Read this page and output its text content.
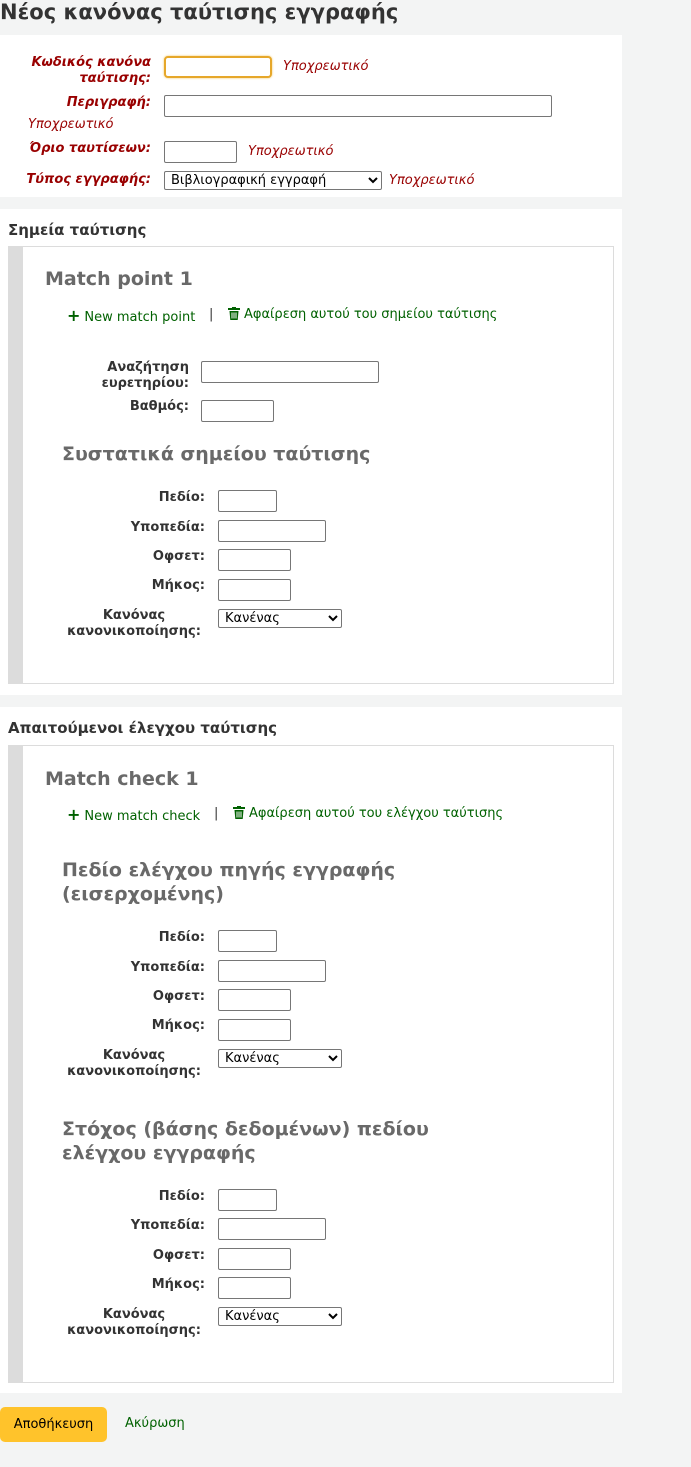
Νέος κανόνας ταύτισης εγγραφής
Κωδικός κανόνα ταύτισης:
Υποχρεωτικό
Περιγραφή:
Υποχρεωτικό
Όριο ταυτίσεων:	Υποχρεωτικό
Τύπος εγγραφής:
Βιβλιογραφική εγγραφή	Υποχρεωτικό
Σημεία ταύτισης
Match point 1
+ New match point |	Αφαίρεση αυτού του σημείου ταύτισης
Αναζήτηση ευρετηρίου:
Βαθμός:
Συστατικά σημείου ταύτισης
Πεδίο:
Υποπεδία:
Οφσετ:
Μήκος:
Κανόνας κανονικοποίησης:
Κανένας
Απαιτούμενοι έλεγχου ταύτισης
Match check 1
+ New match check |	Αφαίρεση αυτού του ελέγχου ταύτισης
Πεδίο ελέγχου πηγής εγγραφής (εισερχομένης)
Πεδίο:
Υποπεδία:
Οφσετ:
Μήκος:
Κανόνας κανονικοποίησης:
Κανένας
Στόχος (βάσης δεδομένων) πεδίου ελέγχου εγγραφής
Πεδίο:
Υποπεδία:
Οφσετ:
Μήκος:
Κανόνας κανονικοποίησης:
Κανένας
Αποθήκευση	Ακύρωση
